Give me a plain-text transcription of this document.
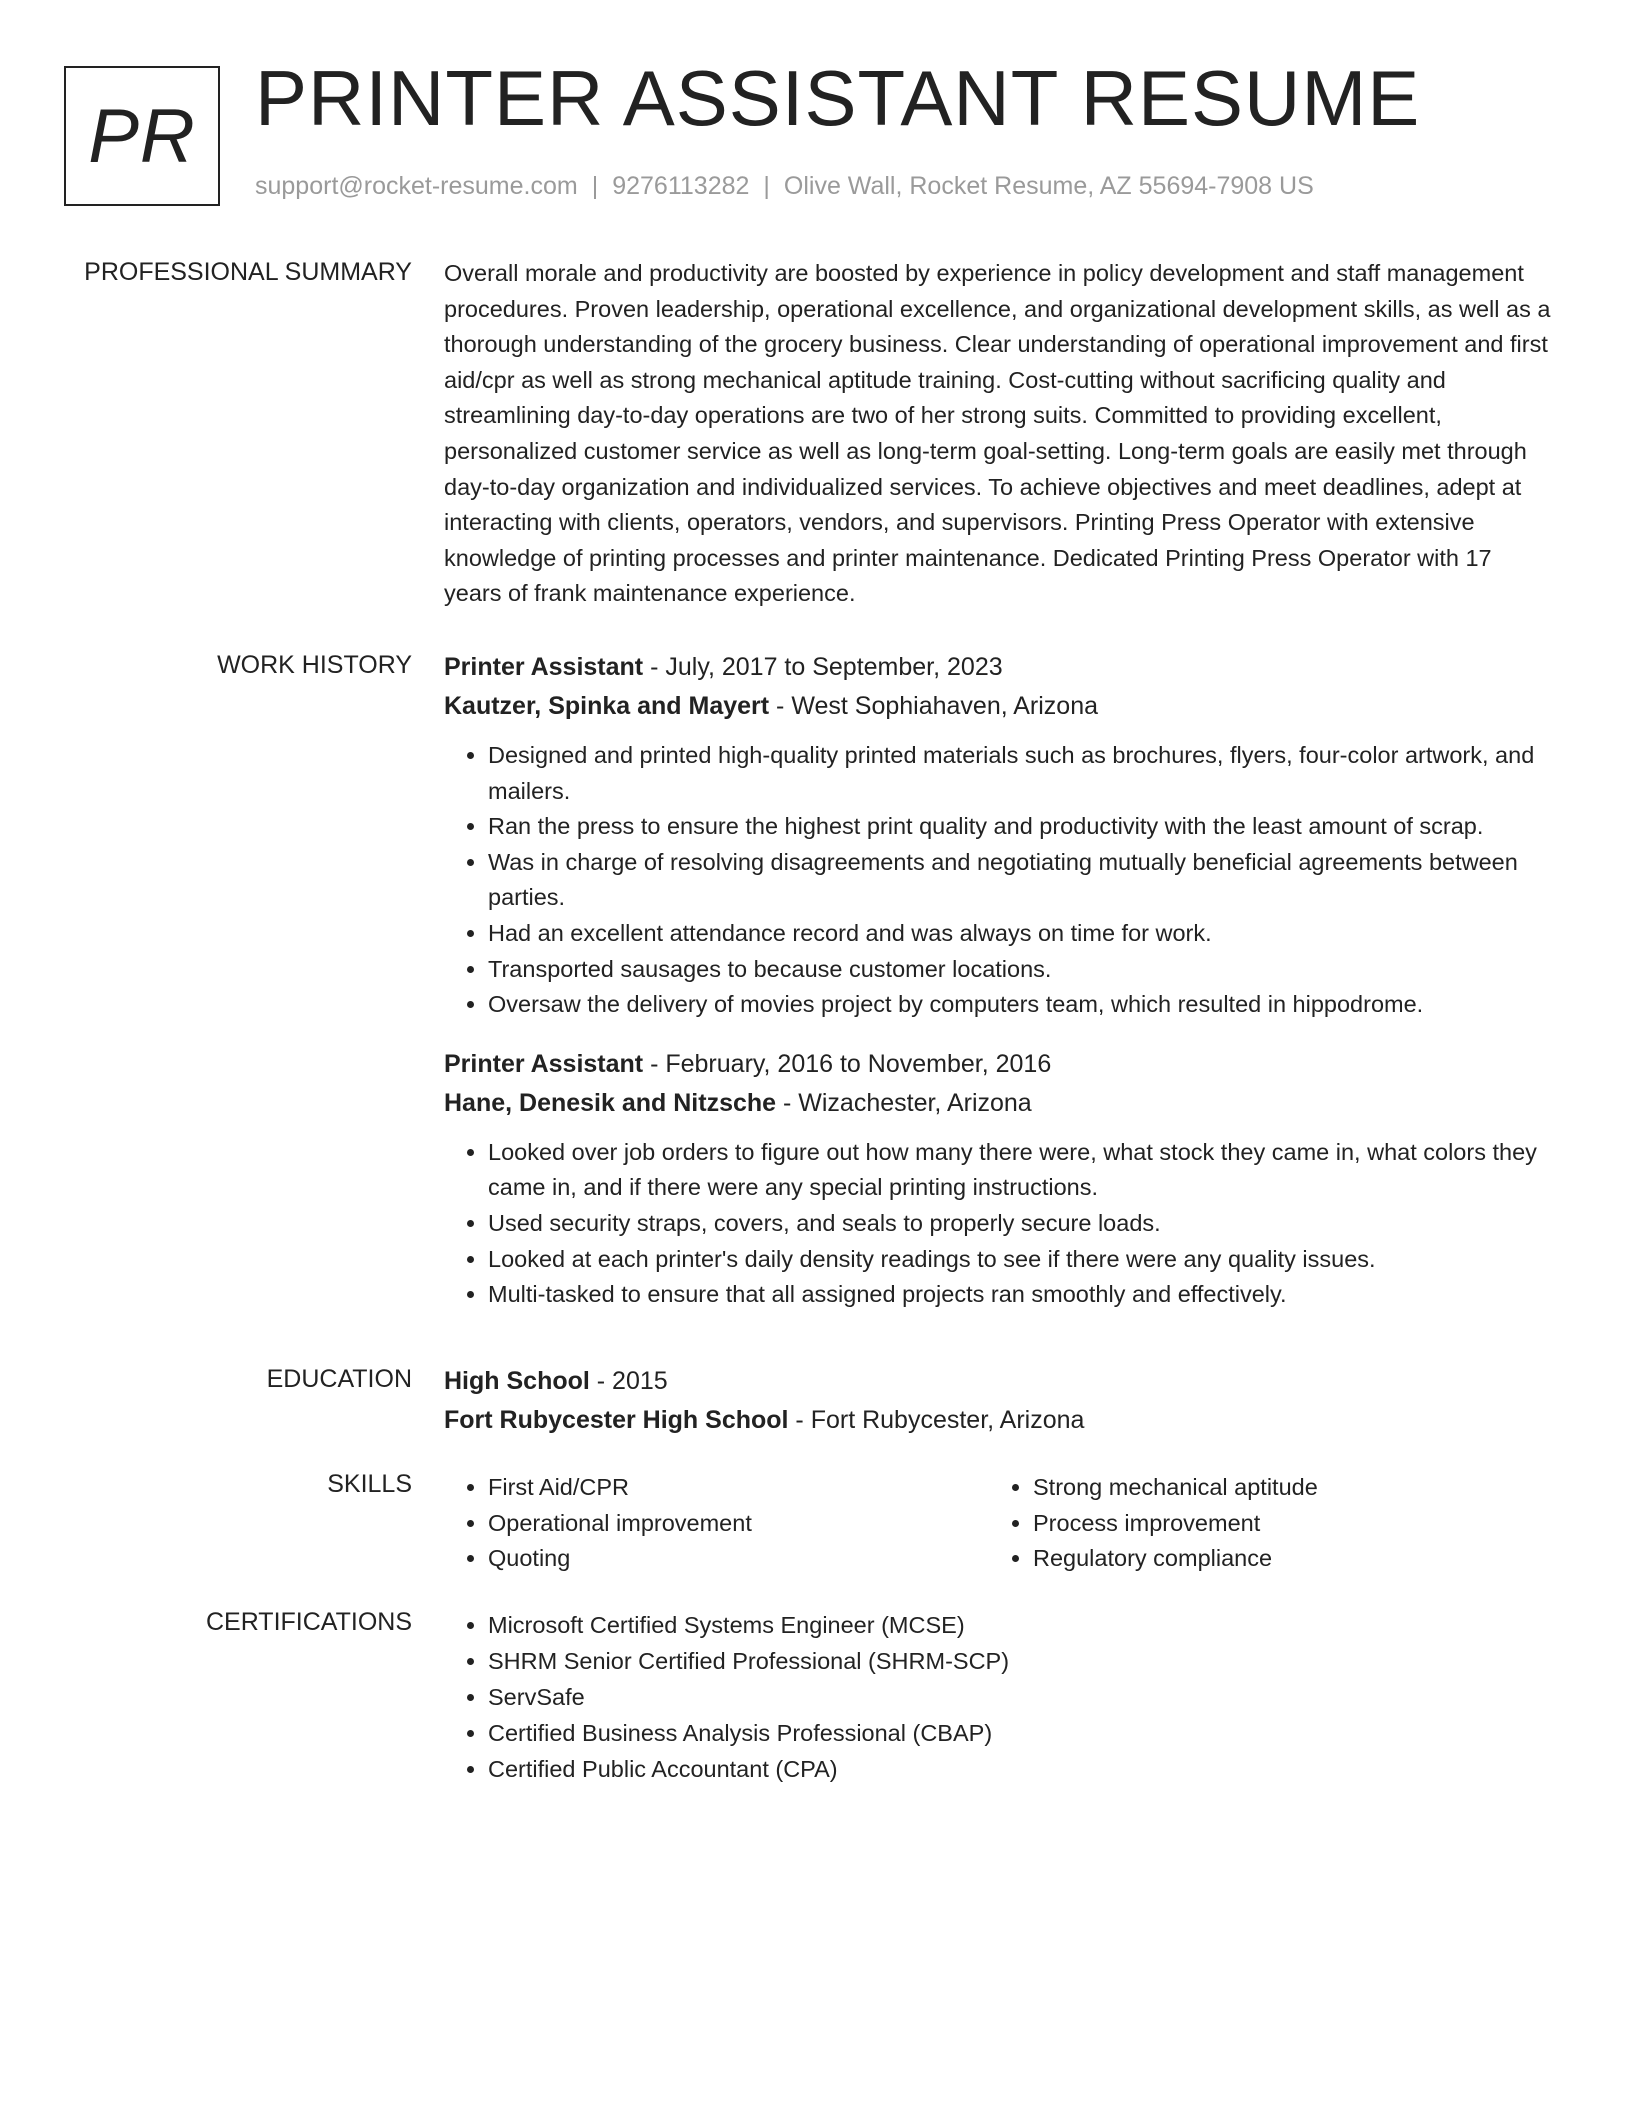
PR PRINTER ASSISTANT RESUME
support@rocket-resume.com | 9276113282 | Olive Wall, Rocket Resume, AZ 55694-7908 US
PROFESSIONAL SUMMARY Overall morale and productivity are boosted by experience in policy development and staff management procedures. Proven leadership, operational excellence, and organizational development skills, as well as a thorough understanding of the grocery business. Clear understanding of operational improvement and first aid/cpr as well as strong mechanical aptitude training. Cost-cutting without sacrificing quality and streamlining day-to-day operations are two of her strong suits. Committed to providing excellent, personalized customer service as well as long-term goal-setting. Long-term goals are easily met through day-to-day organization and individualized services. To achieve objectives and meet deadlines, adept at interacting with clients, operators, vendors, and supervisors. Printing Press Operator with extensive knowledge of printing processes and printer maintenance. Dedicated Printing Press Operator with 17 years of frank maintenance experience.

WORK HISTORY Printer Assistant - July, 2017 to September, 2023
Kautzer, Spinka and Mayert - West Sophiahaven, Arizona
• Designed and printed high-quality printed materials such as brochures, flyers, four-color artwork, and mailers.
• Ran the press to ensure the highest print quality and productivity with the least amount of scrap.
• Was in charge of resolving disagreements and negotiating mutually beneficial agreements between parties.
• Had an excellent attendance record and was always on time for work.
• Transported sausages to because customer locations.
• Oversaw the delivery of movies project by computers team, which resulted in hippodrome.
Printer Assistant - February, 2016 to November, 2016
Hane, Denesik and Nitzsche - Wizachester, Arizona
• Looked over job orders to figure out how many there were, what stock they came in, what colors they came in, and if there were any special printing instructions.
• Used security straps, covers, and seals to properly secure loads.
• Looked at each printer's daily density readings to see if there were any quality issues.
• Multi-tasked to ensure that all assigned projects ran smoothly and effectively.
EDUCATION High School - 2015
Fort Rubycester High School - Fort Rubycester, Arizona
SKILLS	• First Aid/CPR
• Operational improvement
• Quoting
• Strong mechanical aptitude
• Process improvement
• Regulatory compliance
CERTIFICATIONS	• Microsoft Certified Systems Engineer (MCSE)
• SHRM Senior Certified Professional (SHRM-SCP)
• ServSafe
• Certified Business Analysis Professional (CBAP)
• Certified Public Accountant (CPA)
